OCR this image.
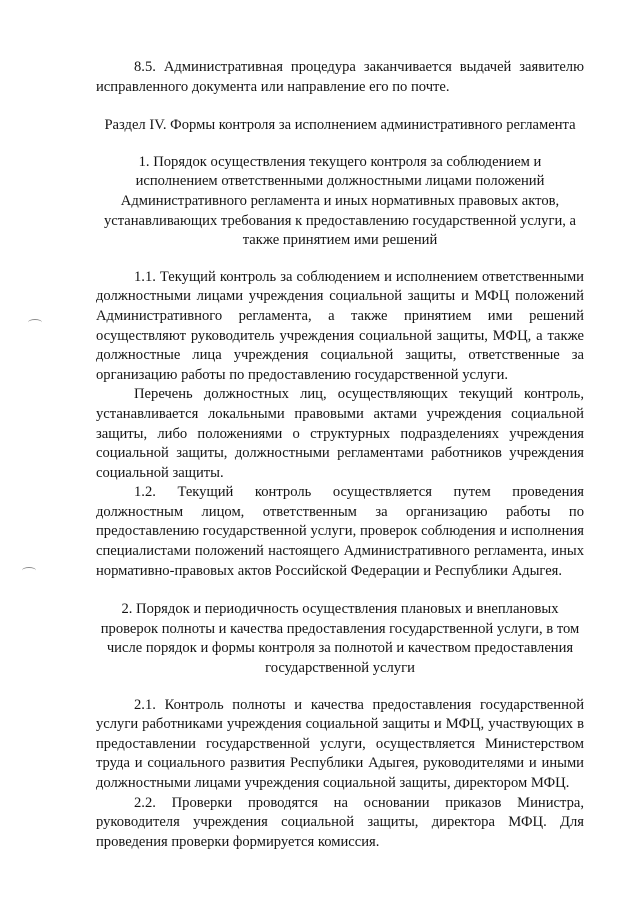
8.5. Административная процедура заканчивается выдачей заявителю исправленного документа или направление его по почте.

Раздел IV. Формы контроля за исполнением административного регламента

1. Порядок осуществления текущего контроля за соблюдением и исполнением ответственными должностными лицами положений Административного регламента и иных нормативных правовых актов, устанавливающих требования к предоставлению государственной услуги, а также принятием ими решений

1.1. Текущий контроль за соблюдением и исполнением ответственными должностными лицами учреждения социальной защиты и МФЦ положений Административного регламента, а также принятием ими решений осуществляют руководитель учреждения социальной защиты, МФЦ, а также должностные лица учреждения социальной защиты, ответственные за организацию работы по предоставлению государственной услуги.

Перечень должностных лиц, осуществляющих текущий контроль, устанавливается локальными правовыми актами учреждения социальной защиты, либо положениями о структурных подразделениях учреждения социальной защиты, должностными регламентами работников учреждения социальной защиты.

1.2. Текущий контроль осуществляется путем проведения должностным лицом, ответственным за организацию работы по предоставлению государственной услуги, проверок соблюдения и исполнения специалистами положений настоящего Административного регламента, иных нормативно-правовых актов Российской Федерации и Республики Адыгея.

2. Порядок и периодичность осуществления плановых и внеплановых проверок полноты и качества предоставления государственной услуги, в том числе порядок и формы контроля за полнотой и качеством предоставления государственной услуги

2.1. Контроль полноты и качества предоставления государственной услуги работниками учреждения социальной защиты и МФЦ, участвующих в предоставлении государственной услуги, осуществляется Министерством труда и социального развития Республики Адыгея, руководителями и иными должностными лицами учреждения социальной защиты, директором МФЦ.

2.2. Проверки проводятся на основании приказов Министра, руководителя учреждения социальной защиты, директора МФЦ. Для проведения проверки формируется комиссия.
